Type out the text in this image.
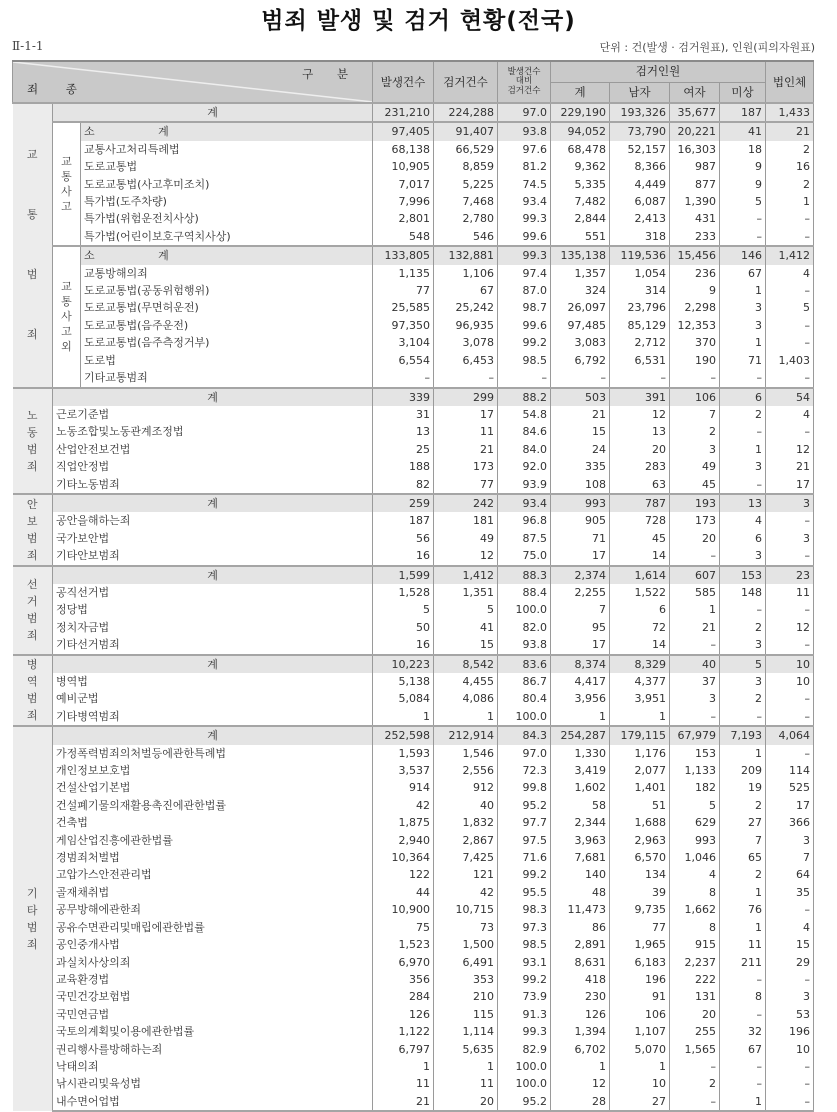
범죄 발생 및 검거 현황(전국)
Ⅱ-1-1	단위 : 건(발생 · 검거원표), 인원(피의자원표)
구 분
죄 종
	발생건수	검거건수	
발생건수
대비
검거건수
	검거인원	법인체
계	남자	여자	미상

교
통
범
죄
	계	231,210	224,288	97.0	229,190	193,326	35,677	187	1,433

교
통
사
고
	소 계	97,405	91,407	93.8	94,052	73,790	20,221	41	21
교통사고처리특례법	68,138	66,529	97.6	68,478	52,157	16,303	18	2
도로교통법	10,905	8,859	81.2	9,362	8,366	987	9	16
도로교통법(사고후미조치)	7,017	5,225	74.5	5,335	4,449	877	9	2
특가법(도주차량)	7,996	7,468	93.4	7,482	6,087	1,390	5	1
특가법(위험운전치사상)	2,801	2,780	99.3	2,844	2,413	431	–	–
특가법(어린이보호구역치사상)	548	546	99.6	551	318	233	–	–

교
통
사
고
외
	소 계	133,805	132,881	99.3	135,138	119,536	15,456	146	1,412
교통방해의죄	1,135	1,106	97.4	1,357	1,054	236	67	4
도로교통법(공동위험행위)	77	67	87.0	324	314	9	1	–
도로교통법(무면허운전)	25,585	25,242	98.7	26,097	23,796	2,298	3	5
도로교통법(음주운전)	97,350	96,935	99.6	97,485	85,129	12,353	3	–
도로교통법(음주측정거부)	3,104	3,078	99.2	3,083	2,712	370	1	–
도로법	6,554	6,453	98.5	6,792	6,531	190	71	1,403
기타교통범죄	–	–	–	–	–	–	–	–

노
동
범
죄
	계	339	299	88.2	503	391	106	6	54
근로기준법	31	17	54.8	21	12	7	2	4
노동조합및노동관계조정법	13	11	84.6	15	13	2	–	–
산업안전보건법	25	21	84.0	24	20	3	1	12
직업안정법	188	173	92.0	335	283	49	3	21
기타노동범죄	82	77	93.9	108	63	45	–	17

안
보
범
죄
	계	259	242	93.4	993	787	193	13	3
공안을해하는죄	187	181	96.8	905	728	173	4	–
국가보안법	56	49	87.5	71	45	20	6	3
기타안보범죄	16	12	75.0	17	14	–	3	–

선
거
범
죄
	계	1,599	1,412	88.3	2,374	1,614	607	153	23
공직선거법	1,528	1,351	88.4	2,255	1,522	585	148	11
정당법	5	5	100.0	7	6	1	–	–
정치자금법	50	41	82.0	95	72	21	2	12
기타선거범죄	16	15	93.8	17	14	–	3	–

병
역
범
죄
	계	10,223	8,542	83.6	8,374	8,329	40	5	10
병역법	5,138	4,455	86.7	4,417	4,377	37	3	10
예비군법	5,084	4,086	80.4	3,956	3,951	3	2	–
기타병역범죄	1	1	100.0	1	1	–	–	–

기
타
범
죄
	계	252,598	212,914	84.3	254,287	179,115	67,979	7,193	4,064
가정폭력범죄의처벌등에관한특례법	1,593	1,546	97.0	1,330	1,176	153	1	–
개인정보보호법	3,537	2,556	72.3	3,419	2,077	1,133	209	114
건설산업기본법	914	912	99.8	1,602	1,401	182	19	525
건설폐기물의재활용촉진에관한법률	42	40	95.2	58	51	5	2	17
건축법	1,875	1,832	97.7	2,344	1,688	629	27	366
게임산업진흥에관한법률	2,940	2,867	97.5	3,963	2,963	993	7	3
경범죄처벌법	10,364	7,425	71.6	7,681	6,570	1,046	65	7
고압가스안전관리법	122	121	99.2	140	134	4	2	64
골재채취법	44	42	95.5	48	39	8	1	35
공무방해에관한죄	10,900	10,715	98.3	11,473	9,735	1,662	76	–
공유수면관리및매립에관한법률	75	73	97.3	86	77	8	1	4
공인중개사법	1,523	1,500	98.5	2,891	1,965	915	11	15
과실치사상의죄	6,970	6,491	93.1	8,631	6,183	2,237	211	29
교육환경법	356	353	99.2	418	196	222	–	–
국민건강보험법	284	210	73.9	230	91	131	8	3
국민연금법	126	115	91.3	126	106	20	–	53
국토의계획및이용에관한법률	1,122	1,114	99.3	1,394	1,107	255	32	196
권리행사를방해하는죄	6,797	5,635	82.9	6,702	5,070	1,565	67	10
낙태의죄	1	1	100.0	1	1	–	–	–
낚시관리및육성법	11	11	100.0	12	10	2	–	–
내수면어업법	21	20	95.2	28	27	–	1	–
